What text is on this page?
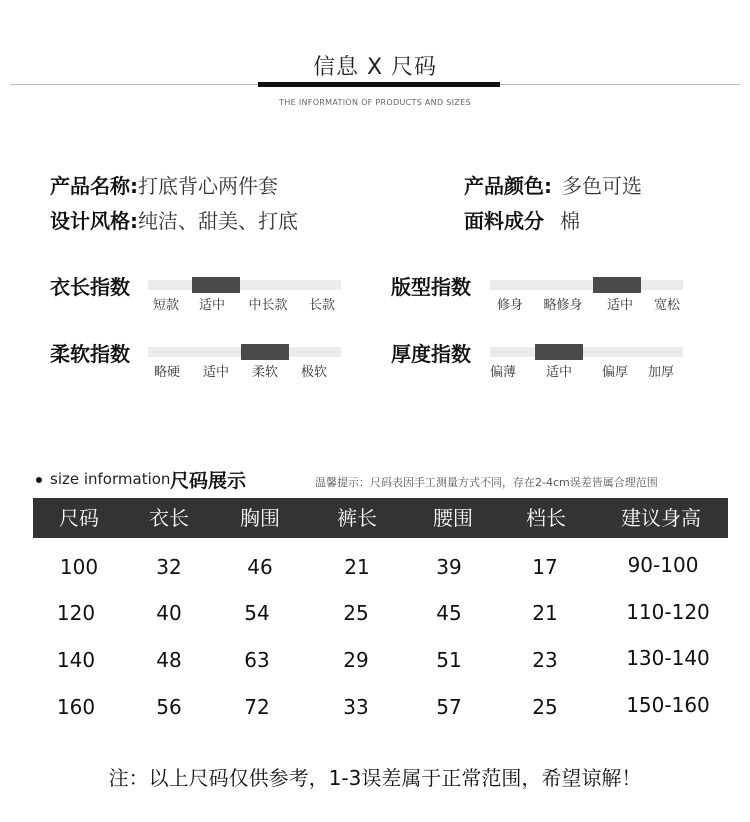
信息 X 尺码
THE INFORMATION OF PRODUCTS AND SIZES
产品名称:打底背心两件套
设计风格:纯洁、甜美、打底
产品颜色: 多色可选
面料成分 棉
衣长指数
短款 适中 中长款 长款
版型指数
修身 略修身 适中 宽松
柔软指数
略硬 适中 柔软 极软
厚度指数
偏薄 适中 偏厚 加厚
size information 尺码展示	温馨提示：尺码表因手工测量方式不同，存在2-4cm误差皆属合理范围
尺码	衣长	胸围	裤长	腰围	档长	建议身高
100	32	46	21	39	17	90-100
120	40	54	25	45	21	110-120
140	48	63	29	51	23	130-140
160	56	72	33	57	25	150-160
注：以上尺码仅供参考，1-3误差属于正常范围，希望谅解！
